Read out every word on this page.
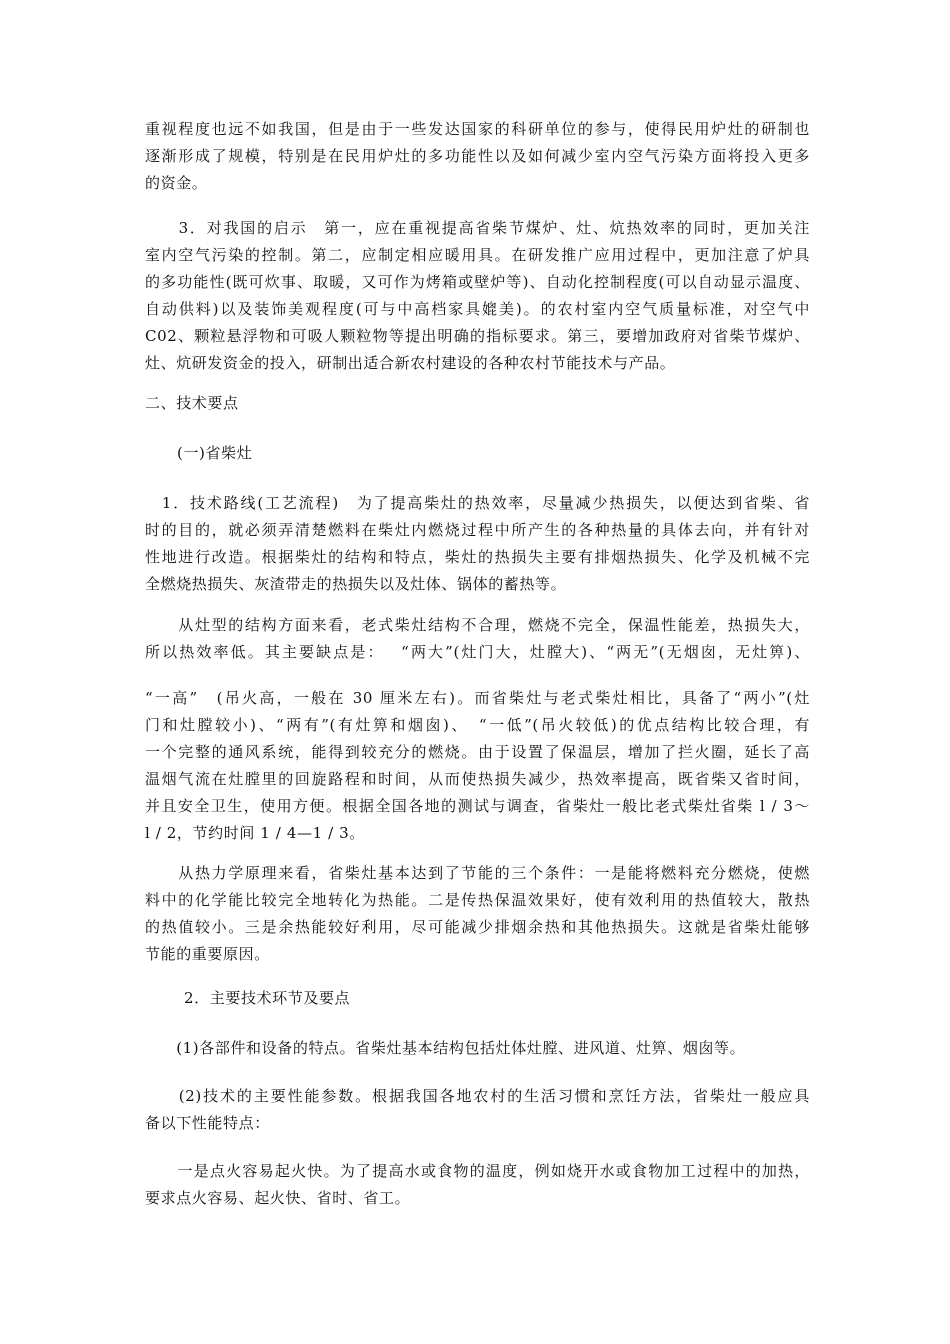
重视程度也远不如我国，但是由于一些发达国家的科研单位的参与，使得民用炉灶的研制也
逐渐形成了规模，特别是在民用炉灶的多功能性以及如何减少室内空气污染方面将投入更多
的资金。

　　3．对我国的启示　第一，应在重视提高省柴节煤炉、灶、炕热效率的同时，更加关注
室内空气污染的控制。第二，应制定相应暖用具。在研发推广应用过程中，更加注意了炉具
的多功能性(既可炊事、取暖，又可作为烤箱或壁炉等)、自动化控制程度(可以自动显示温度、
自动供料)以及装饰美观程度(可与中高档家具媲美)。的农村室内空气质量标准，对空气中
C02、颗粒悬浮物和可吸人颗粒物等提出明确的指标要求。第三，要增加政府对省柴节煤炉、
灶、炕研发资金的投入，研制出适合新农村建设的各种农村节能技术与产品。

二、技术要点

(一)省柴灶

　1．技术路线(工艺流程)　为了提高柴灶的热效率，尽量减少热损失，以便达到省柴、省
时的目的，就必须弄清楚燃料在柴灶内燃烧过程中所产生的各种热量的具体去向，并有针对
性地进行改造。根据柴灶的结构和特点，柴灶的热损失主要有排烟热损失、化学及机械不完
全燃烧热损失、灰渣带走的热损失以及灶体、锅体的蓄热等。

　　从灶型的结构方面来看，老式柴灶结构不合理，燃烧不完全，保温性能差，热损失大，
所以热效率低。其主要缺点是：　 “两大”(灶门大，灶膛大)、“两无”(无烟囱，无灶箅)、

“一高”　(吊火高，一般在 30 厘米左右)。而省柴灶与老式柴灶相比，具备了“两小”(灶
门和灶膛较小)、“两有”(有灶箅和烟囱)、　“一低”(吊火较低)的优点结构比较合理，有
一个完整的通风系统，能得到较充分的燃烧。由于设置了保温层，增加了拦火圈，延长了高
温烟气流在灶膛里的回旋路程和时间，从而使热损失减少，热效率提高，既省柴又省时间，
并且安全卫生，使用方便。根据全国各地的测试与调查，省柴灶一般比老式柴灶省柴 l / 3～
l / 2，节约时间 1 / 4—1 / 3。

　　从热力学原理来看，省柴灶基本达到了节能的三个条件：一是能将燃料充分燃烧，使燃
料中的化学能比较完全地转化为热能。二是传热保温效果好，使有效利用的热值较大，散热
的热值较小。三是余热能较好利用，尽可能减少排烟余热和其他热损失。这就是省柴灶能够
节能的重要原因。

2．主要技术环节及要点

　　(1)各部件和设备的特点。省柴灶基本结构包括灶体灶膛、进风道、灶箅、烟囱等。

　　(2)技术的主要性能参数。根据我国各地农村的生活习惯和烹饪方法，省柴灶一般应具
备以下性能特点：

　　一是点火容易起火快。为了提高水或食物的温度，例如烧开水或食物加工过程中的加热，
要求点火容易、起火快、省时、省工。
